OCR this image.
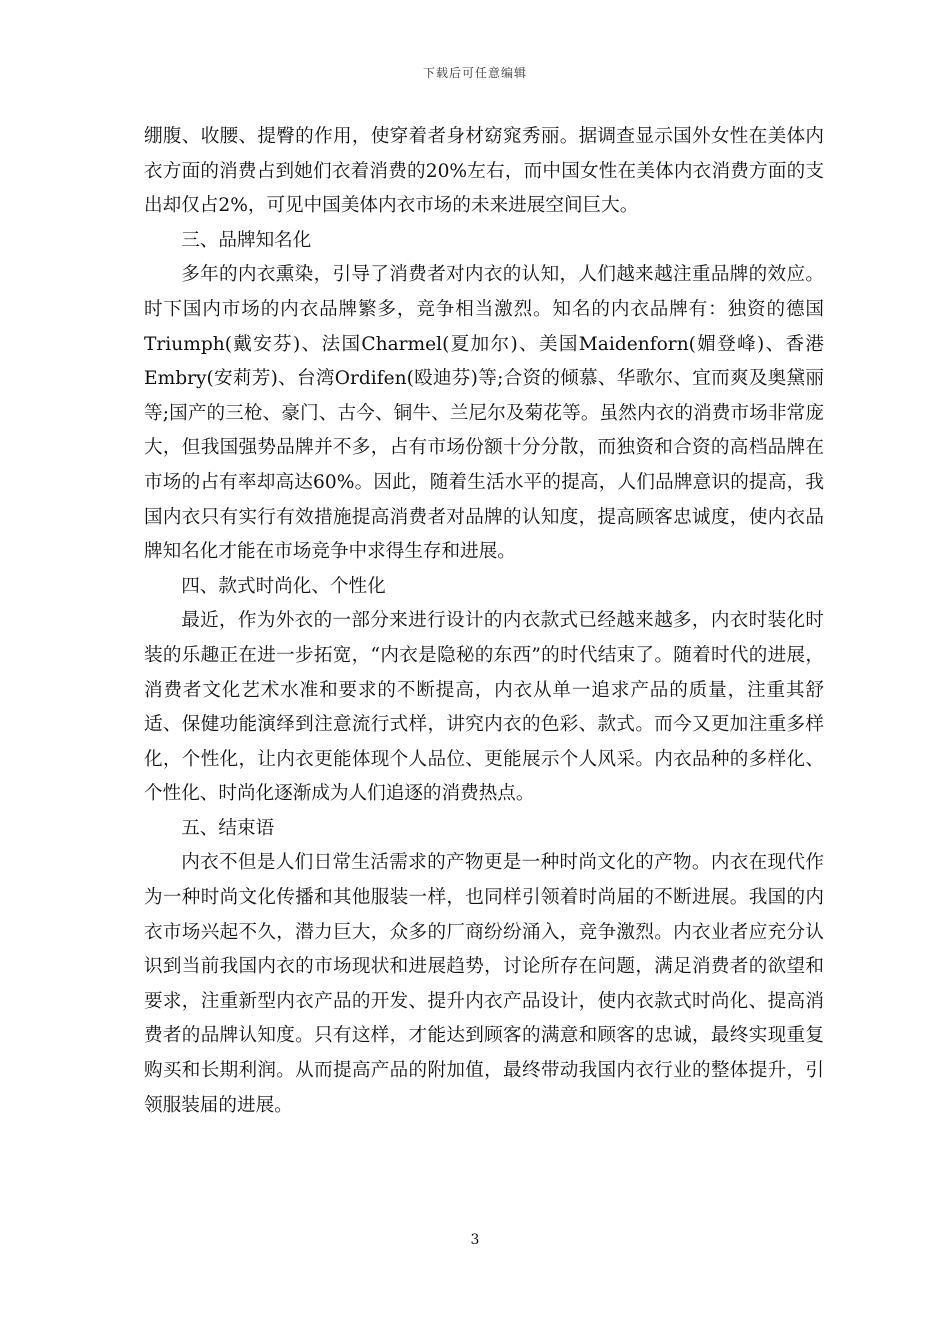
下载后可任意编辑

绷腹、收腰、提臀的作用，使穿着者身材窈窕秀丽。据调查显示国外女性在美体内衣方面的消费占到她们衣着消费的20%左右，而中国女性在美体内衣消费方面的支出却仅占2%，可见中国美体内衣市场的未来进展空间巨大。

三、品牌知名化

多年的内衣熏染，引导了消费者对内衣的认知，人们越来越注重品牌的效应。时下国内市场的内衣品牌繁多，竞争相当激烈。知名的内衣品牌有：独资的德国Triumph(戴安芬)、法国Charmel(夏加尔)、美国Maidenforn(媚登峰)、香港Embry(安莉芳)、台湾Ordifen(殴迪芬)等;合资的倾慕、华歌尔、宜而爽及奥黛丽等;国产的三枪、豪门、古今、铜牛、兰尼尔及菊花等。虽然内衣的消费市场非常庞大，但我国强势品牌并不多，占有市场份额十分分散，而独资和合资的高档品牌在市场的占有率却高达60%。因此，随着生活水平的提高，人们品牌意识的提高，我国内衣只有实行有效措施提高消费者对品牌的认知度，提高顾客忠诚度，使内衣品牌知名化才能在市场竞争中求得生存和进展。

四、款式时尚化、个性化

最近，作为外衣的一部分来进行设计的内衣款式已经越来越多，内衣时装化时装的乐趣正在进一步拓宽，“内衣是隐秘的东西”的时代结束了。随着时代的进展，消费者文化艺术水准和要求的不断提高，内衣从单一追求产品的质量，注重其舒适、保健功能演绎到注意流行式样，讲究内衣的色彩、款式。而今又更加注重多样化，个性化，让内衣更能体现个人品位、更能展示个人风采。内衣品种的多样化、个性化、时尚化逐渐成为人们追逐的消费热点。

五、结束语

内衣不但是人们日常生活需求的产物更是一种时尚文化的产物。内衣在现代作为一种时尚文化传播和其他服装一样，也同样引领着时尚届的不断进展。我国的内衣市场兴起不久，潜力巨大，众多的厂商纷纷涌入，竞争激烈。内衣业者应充分认识到当前我国内衣的市场现状和进展趋势，讨论所存在问题，满足消费者的欲望和要求，注重新型内衣产品的开发、提升内衣产品设计，使内衣款式时尚化、提高消费者的品牌认知度。只有这样，才能达到顾客的满意和顾客的忠诚，最终实现重复购买和长期利润。从而提高产品的附加值，最终带动我国内衣行业的整体提升，引领服装届的进展。

3
